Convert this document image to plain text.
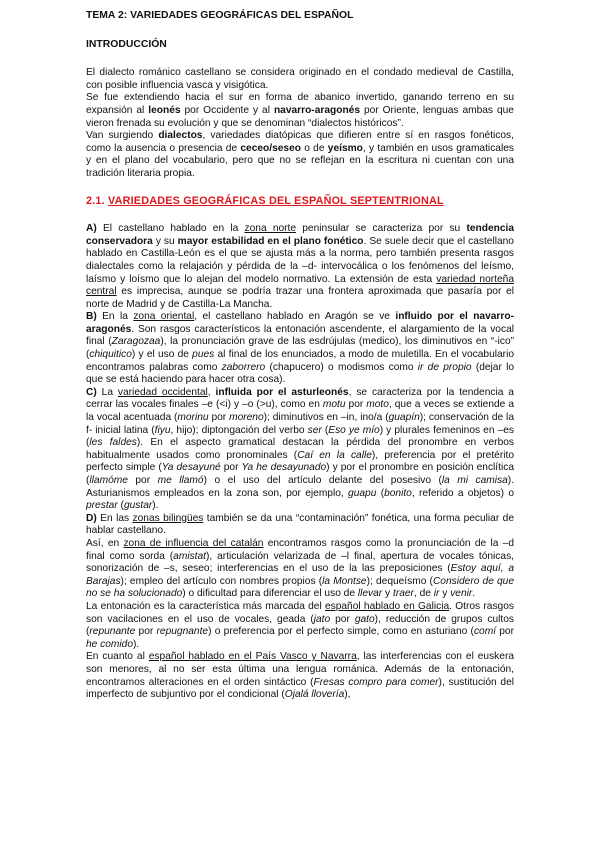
TEMA 2: VARIEDADES GEOGRÁFICAS DEL ESPAÑOL

INTRODUCCIÓN

El dialecto románico castellano se considera originado en el condado medieval de Castilla, con posible influencia vasca y visigótica.

Se fue extendiendo hacia el sur en forma de abanico invertido, ganando terreno en su expansión al leonés por Occidente y al navarro-aragonés por Oriente, lenguas ambas que vieron frenada su evolución y que se denominan “dialectos históricos”.

Van surgiendo dialectos, variedades diatópicas que difieren entre sí en rasgos fonéticos, como la ausencia o presencia de ceceo/seseo o de yeísmo, y también en usos gramaticales y en el plano del vocabulario, pero que no se reflejan en la escritura ni cuentan con una tradición literaria propia.

2.1. VARIEDADES GEOGRÁFICAS DEL ESPAÑOL SEPTENTRIONAL

A) El castellano hablado en la zona norte peninsular se caracteriza por su tendencia conservadora y su mayor estabilidad en el plano fonético. Se suele decir que el castellano hablado en Castilla-León es el que se ajusta más a la norma, pero también presenta rasgos dialectales como la relajación y pérdida de la –d- intervocálica o los fenómenos del leísmo, laísmo y loísmo que lo alejan del modelo normativo. La extensión de esta variedad norteña central es imprecisa, aunque se podría trazar una frontera aproximada que pasaría por el norte de Madrid y de Castilla-La Mancha.

B) En la zona oriental, el castellano hablado en Aragón se ve influido por el navarro-aragonés. Son rasgos característicos la entonación ascendente, el alargamiento de la vocal final (Zaragozaa), la pronunciación grave de las esdrújulas (medico), los diminutivos en “-ico” (chiquitico) y el uso de pues al final de los enunciados, a modo de muletilla. En el vocabulario encontramos palabras como zaborrero (chapucero) o modismos como ir de propio (dejar lo que se está haciendo para hacer otra cosa).

C) La variedad occidental, influida por el asturleonés, se caracteriza por la tendencia a cerrar las vocales finales –e (<i) y –o (>u), como en motu por moto, que a veces se extiende a la vocal acentuada (morinu por moreno); diminutivos en –in, ino/a (guapín); conservación de la f- inicial latina (fiyu, hijo); diptongación del verbo ser (Eso ye mío) y plurales femeninos en –es (les faldes). En el aspecto gramatical destacan la pérdida del pronombre en verbos habitualmente usados como pronominales (Caí en la calle), preferencia por el pretérito perfecto simple (Ya desayuné por Ya he desayunado) y por el pronombre en posición enclítica (llamóme por me llamó) o el uso del artículo delante del posesivo (la mi camisa). Asturianismos empleados en la zona son, por ejemplo, guapu (bonito, referido a objetos) o prestar (gustar).

D) En las zonas bilingües también se da una “contaminación” fonética, una forma peculiar de hablar castellano.

Así, en zona de influencia del catalán encontramos rasgos como la pronunciación de la –d final como sorda (amistat), articulación velarizada de –l final, apertura de vocales tónicas, sonorización de –s, seseo; interferencias en el uso de la las preposiciones (Estoy aquí, a Barajas); empleo del artículo con nombres propios (la Montse); dequeísmo (Considero de que no se ha solucionado) o dificultad para diferenciar el uso de llevar y traer, de ir y venir.

La entonación es la característica más marcada del español hablado en Galicia. Otros rasgos son vacilaciones en el uso de vocales, geada (jato por gato), reducción de grupos cultos (repunante por repugnante) o preferencia por el perfecto simple, como en asturiano (comí por he comido).

En cuanto al español hablado en el País Vasco y Navarra, las interferencias con el euskera son menores, al no ser esta última una lengua románica. Además de la entonación, encontramos alteraciones en el orden sintáctico (Fresas compro para comer), sustitución del imperfecto de subjuntivo por el condicional (Ojalá llovería),
